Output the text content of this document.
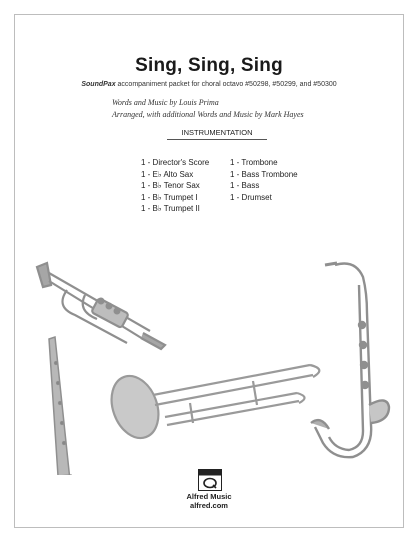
Sing, Sing, Sing
SoundPax accompaniment packet for choral octavo #50298, #50299, and #50300
Words and Music by Louis Prima
Arranged, with additional Words and Music by Mark Hayes
INSTRUMENTATION
1 - Director's Score
1 - E♭ Alto Sax
1 - B♭ Tenor Sax
1 - B♭ Trumpet I
1 - B♭ Trumpet II
1 - Trombone
1 - Bass Trombone
1 - Bass
1 - Drumset
Alfred Music
alfred.com
